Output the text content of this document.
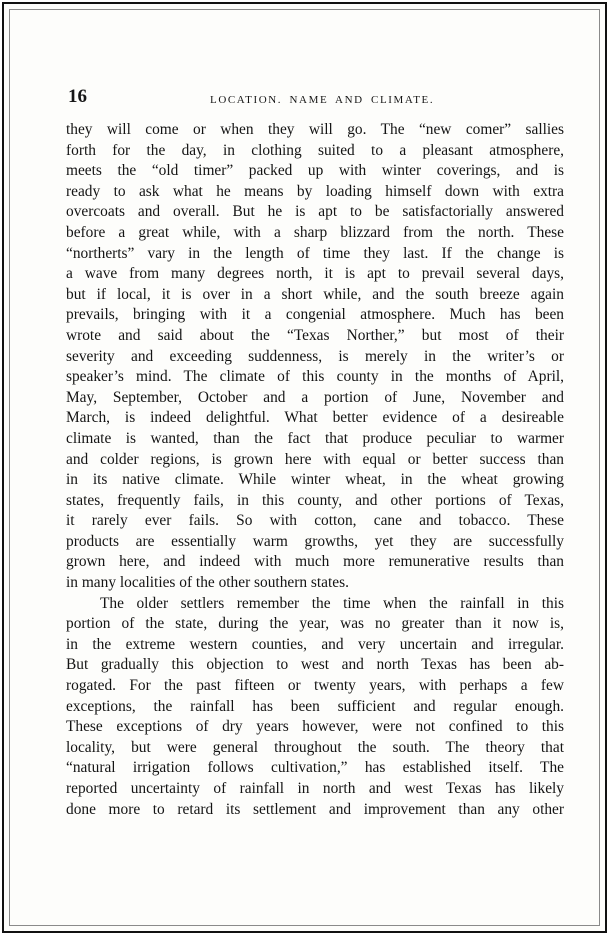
16	LOCATION. NAME AND CLIMATE.
they will come or when they will go. The “new comer” sallies
forth for the day, in clothing suited to a pleasant atmosphere,
meets the “old timer” packed up with winter coverings, and is
ready to ask what he means by loading himself down with extra
overcoats and overall. But he is apt to be satisfactorially answered
before a great while, with a sharp blizzard from the north. These
“northerts” vary in the length of time they last. If the change is
a wave from many degrees north, it is apt to prevail several days,
but if local, it is over in a short while, and the south breeze again
prevails, bringing with it a congenial atmosphere. Much has been
wrote and said about the “Texas Norther,” but most of their
severity and exceeding suddenness, is merely in the writer’s or
speaker’s mind. The climate of this county in the months of April,
May, September, October and a portion of June, November and
March, is indeed delightful. What better evidence of a desireable
climate is wanted, than the fact that produce peculiar to warmer
and colder regions, is grown here with equal or better success than
in its native climate. While winter wheat, in the wheat growing
states, frequently fails, in this county, and other portions of Texas,
it rarely ever fails. So with cotton, cane and tobacco. These
products are essentially warm growths, yet they are successfully
grown here, and indeed with much more remunerative results than
in many localities of the other southern states.
The older settlers remember the time when the rainfall in this
portion of the state, during the year, was no greater than it now is,
in the extreme western counties, and very uncertain and irregular.
But gradually this objection to west and north Texas has been ab-
rogated. For the past fifteen or twenty years, with perhaps a few
exceptions, the rainfall has been sufficient and regular enough.
These exceptions of dry years however, were not confined to this
locality, but were general throughout the south. The theory that
“natural irrigation follows cultivation,” has established itself. The
reported uncertainty of rainfall in north and west Texas has likely
done more to retard its settlement and improvement than any other
